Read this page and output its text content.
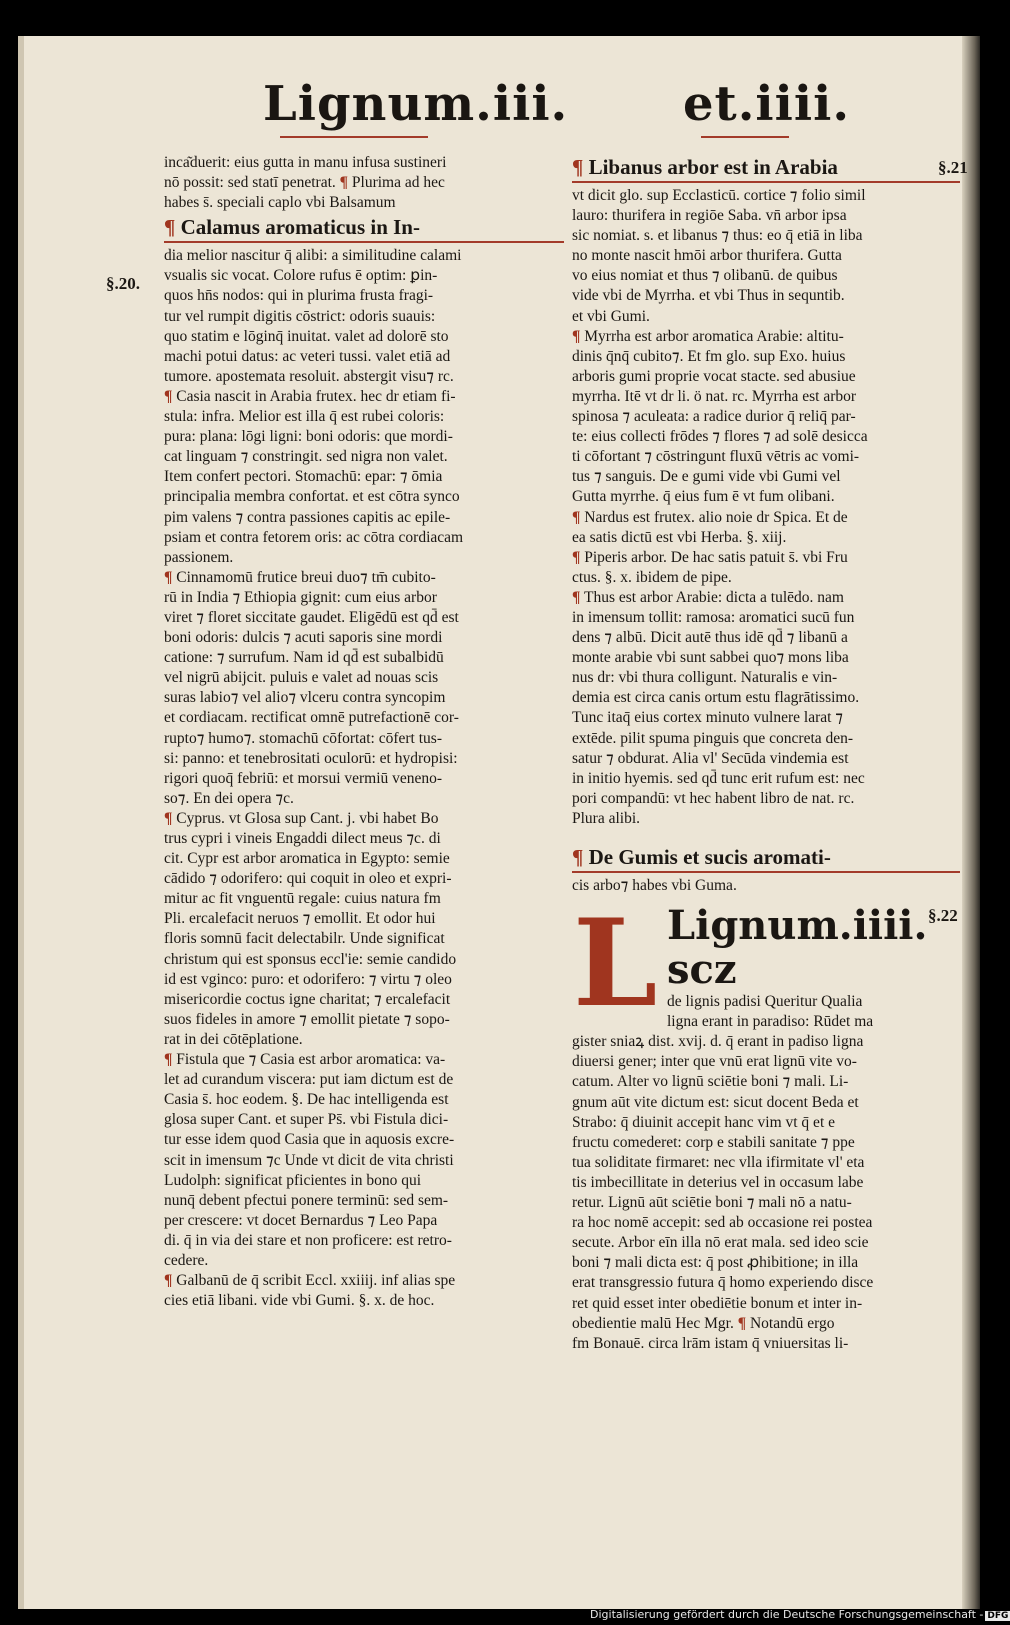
Lignum.iii. et.iiii.
§.20.
§.21
§.22
inca͂duerit: eius gutta in manu infusa sustineri
nō possit: sed statī penetrat. ¶ Plurima ad hec
habes s̄. speciali caplo vbi Balsamum
¶ Calamus aromaticus in In-
dia melior nascitur q̄ alibi: a similitudine calami
vsualis sic vocat. Colore rufus ē optim: ꝑin-
quos hn̄s nodos: qui in plurima frusta fragi-
tur vel rumpit digitis cōstrict: odoris suauis:
quo statim e lōginq̄ inuitat. valet ad dolorē sto
machi potui datus: ac veteri tussi. valet etiā ad
tumore. apostemata resoluit. abstergit visu⁊ rc.
¶ Casia nascit in Arabia frutex. hec dr etiam fi-
stula: infra. Melior est illa q̄ est rubei coloris:
pura: plana: lōgi ligni: boni odoris: que mordi-
cat linguam ⁊ constringit. sed nigra non valet.
Item confert pectori. Stomachū: epar: ⁊ ōmia
principalia membra confortat. et est cōtra synco
pim valens ⁊ contra passiones capitis ac epile-
psiam et contra fetorem oris: ac cōtra cordiacam
passionem.
¶ Cinnamomū frutice breui duo⁊ tm̄ cubito-
rū in India ⁊ Ethiopia gignit: cum eius arbor
viret ⁊ floret siccitate gaudet. Eligēdū est qd̄ est
boni odoris: dulcis ⁊ acuti saporis sine mordi
catione: ⁊ surrufum. Nam id qd̄ est subalbidū
vel nigrū abijcit. puluis e valet ad nouas scis
suras labio⁊ vel alio⁊ vlceru contra syncopim
et cordiacam. rectificat omnē putrefactionē cor-
rupto⁊ humo⁊. stomachū cōfortat: cōfert tus-
si: panno: et tenebrositati oculorū: et hydropisi:
rigori quoq̄ febriū: et morsui vermiū veneno-
so⁊. En dei opera ⁊c.
¶ Cyprus. vt Glosa sup Cant. j. vbi habet Bo
trus cypri i vineis Engaddi dilect meus ⁊c. di
cit. Cypr est arbor aromatica in Egypto: semie
cādido ⁊ odorifero: qui coquit in oleo et expri-
mitur ac fit vnguentū regale: cuius natura fm
Pli. ercalefacit neruos ⁊ emollit. Et odor hui
floris somnū facit delectabilr. Unde significat
christum qui est sponsus eccl'ie: semie candido
id est vginco: puro: et odorifero: ⁊ virtu ⁊ oleo
misericordie coctus igne charitat; ⁊ ercalefacit
suos fideles in amore ⁊ emollit pietate ⁊ sopo-
rat in dei cōtēplatione.
¶ Fistula que ⁊ Casia est arbor aromatica: va-
let ad curandum viscera: put iam dictum est de
Casia s̄. hoc eodem. §. De hac intelligenda est
glosa super Cant. et super Ps̄. vbi Fistula dici-
tur esse idem quod Casia que in aquosis excre-
scit in imensum ⁊c Unde vt dicit de vita christi
Ludolph: significat pficientes in bono qui
nunq̄ debent pfectui ponere terminū: sed sem-
per crescere: vt docet Bernardus ⁊ Leo Papa
di. q̄ in via dei stare et non proficere: est retro-
cedere.
¶ Galbanū de q̄ scribit Eccl. xxiiij. inf alias spe
cies etiā libani. vide vbi Gumi. §. x. de hoc.
¶ Libanus arbor est in Arabia
vt dicit glo. sup Ecclasticū. cortice ⁊ folio simil
lauro: thurifera in regiōe Saba. vn̄ arbor ipsa
sic nomiat. s. et libanus ⁊ thus: eo q̄ etiā in liba
no monte nascit hmōi arbor thurifera. Gutta
vo eius nomiat et thus ⁊ olibanū. de quibus
vide vbi de Myrrha. et vbi Thus in sequntib.
et vbi Gumi.
¶ Myrrha est arbor aromatica Arabie: altitu-
dinis q̄nq̄ cubito⁊. Et fm glo. sup Exo. huius
arboris gumi proprie vocat stacte. sed abusiue
myrrha. Itē vt dr li. ö nat. rc. Myrrha est arbor
spinosa ⁊ aculeata: a radice durior q̄ reliq̄ par-
te: eius collecti frōdes ⁊ flores ⁊ ad solē desicca
ti cōfortant ⁊ cōstringunt fluxū vētris ac vomi-
tus ⁊ sanguis. De e gumi vide vbi Gumi vel
Gutta myrrhe. q̄ eius fum ē vt fum olibani.
¶ Nardus est frutex. alio noie dr Spica. Et de
ea satis dictū est vbi Herba. §. xiij.
¶ Piperis arbor. De hac satis patuit s̄. vbi Fru
ctus. §. x. ibidem de pipe.
¶ Thus est arbor Arabie: dicta a tulēdo. nam
in imensum tollit: ramosa: aromatici sucū fun
dens ⁊ albū. Dicit autē thus idē qd̄ ⁊ libanū a
monte arabie vbi sunt sabbei quo⁊ mons liba
nus dr: vbi thura colligunt. Naturalis e vin-
demia est circa canis ortum estu flagrātissimo.
Tunc itaq̄ eius cortex minuto vulnere larat ⁊
extēde. pilit spuma pinguis que concreta den-
satur ⁊ obdurat. Alia vl' Secūda vindemia est
in initio hyemis. sed qd̄ tunc erit rufum est: nec
pori compandū: vt hec habent libro de nat. rc.
Plura alibi.
¶ De Gumis et sucis aromati-
cis arbo⁊ habes vbi Guma.
Lignum.iiii. scz
de lignis padisi Queritur Qualia
ligna erant in paradiso: Rūdet ma
gister sniaꝝ dist. xvij. d. q̄ erant in padiso ligna
diuersi gener; inter que vnū erat lignū vite vo-
catum. Alter vo lignū sciētie boni ⁊ mali. Li-
gnum aūt vite dictum est: sicut docent Beda et
Strabo: q̄ diuinit accepit hanc vim vt q̄ et e
fructu comederet: corp e stabili sanitate ⁊ ppe
tua soliditate firmaret: nec vlla ifirmitate vl' eta
tis imbecillitate in deterius vel in occasum labe
retur. Lignū aūt sciētie boni ⁊ mali nō a natu-
ra hoc nomē accepit: sed ab occasione rei postea
secute. Arbor eīn illa nō erat mala. sed ideo scie
boni ⁊ mali dicta est: q̄ post ꝓhibitione; in illa
erat transgressio futura q̄ homo experiendo disce
ret quid esset inter obediētie bonum et inter in-
obedientie malū Hec Mgr. ¶ Notandū ergo
fm Bonauē. circa lrām istam q̄ vniuersitas li-
L
Digitalisierung gefördert durch die Deutsche Forschungsgemeinschaft - DFG
